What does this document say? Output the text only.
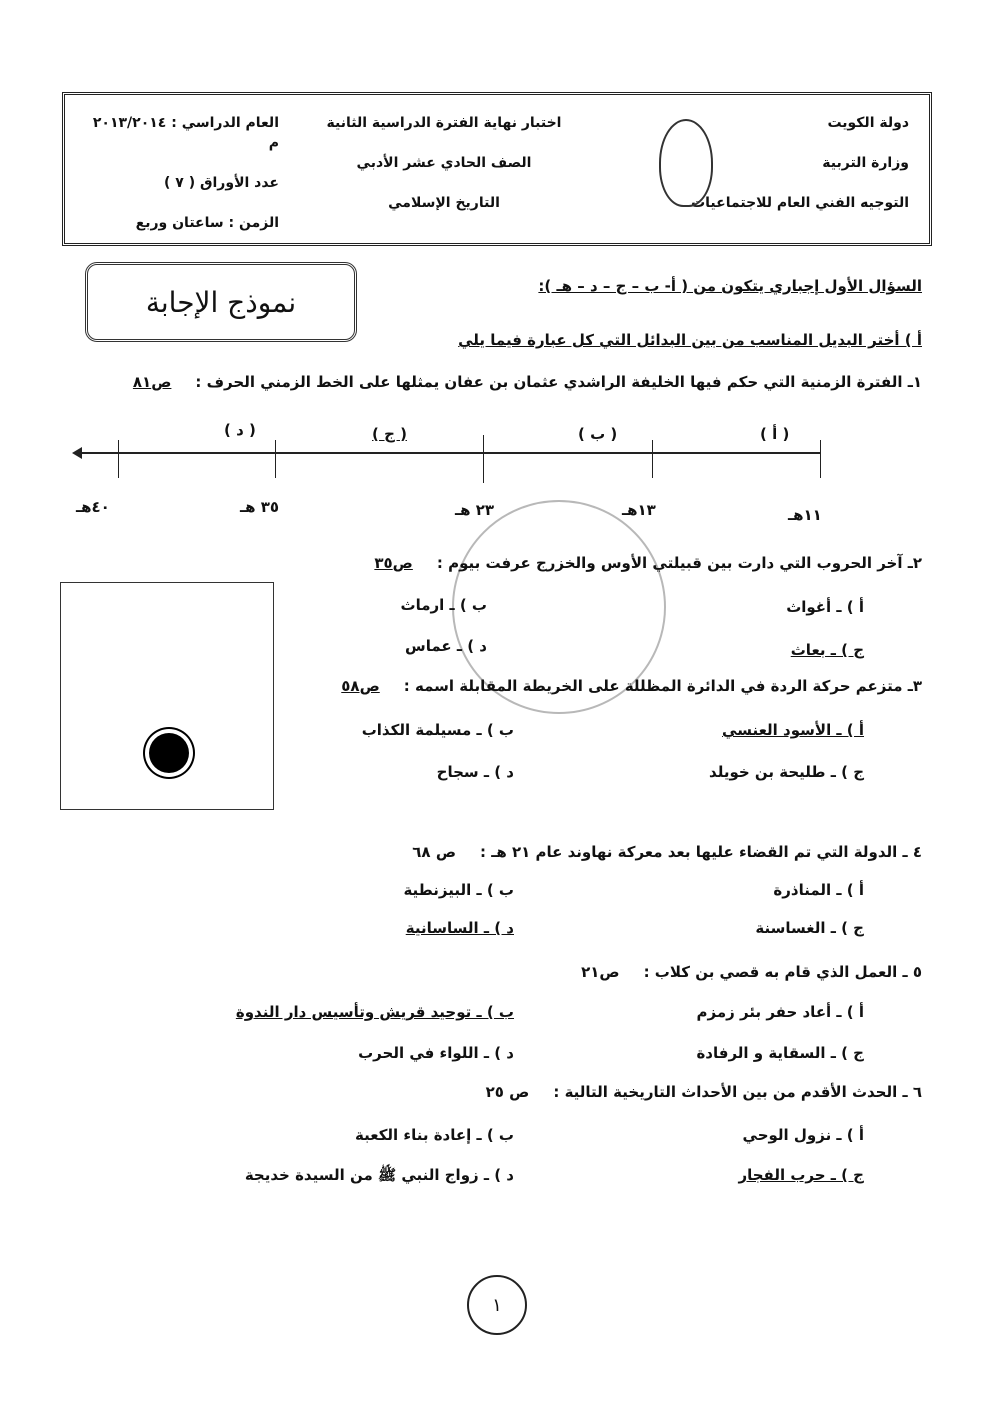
دولة الكويت
وزارة التربية
التوجيه الفني العام للاجتماعيات
اختبار نهاية الفترة الدراسية الثانية
الصف الحادي عشر الأدبي
التاريخ الإسلامي
العام الدراسي : ٢٠١٣/٢٠١٤ م
عدد الأوراق ( ٧ )
الزمن : ساعتان وربع
نموذج الإجابة	السؤال الأول إجباري يتكون من ( أ- ب – ج – د – هـ ):
أ ) أختر البديل المناسب من بين البدائل التي كل عبارة فيما يلي
١ـ الفترة الزمنية التي حكم فيها الخليفة الراشدي عثمان بن عفان يمثلها على الخط الزمني الحرف :
ص٨١
( أ )
( ب )
( ج )
( د )
١١هـ
١٣هـ
٢٣ هـ
٣٥ هـ
٤٠هـ
٢ـ آخر الحروب التي دارت بين قبيلتي الأوس والخزرج عرفت بيوم :
ص٣٥
أ ) ـ أغواث
ب ) ـ ارماث
ج ) ـ بعاث
د ) ـ عماس
٣ـ متزعم حركة الردة في الدائرة المظللة على الخريطة المقابلة اسمه :
ص٥٨
أ ) ـ الأسود العنسي
ب ) ـ مسيلمة الكذاب
ج ) ـ طليحة بن خويلد
د ) ـ سجاح
٤ ـ الدولة التي تم القضاء عليها بعد معركة نهاوند عام ٢١ هـ :
ص ٦٨
أ ) ـ المناذرة
ب ) ـ البيزنطية
ج ) ـ الغساسنة
د ) ـ الساسانية
٥ ـ العمل الذي قام به قصي بن كلاب :
ص٢١
أ ) ـ أعاد حفر بئر زمزم
ب ) ـ توحيد قريش وتأسيس دار الندوة
ج ) ـ السقاية و الرفادة
د ) ـ اللواء في الحرب
٦ ـ الحدث الأقدم من بين الأحداث التاريخية التالية :
ص ٢٥
أ ) ـ نزول الوحي
ب ) ـ إعادة بناء الكعبة
ج ) ـ حرب الفجار
د ) ـ زواج النبي ﷺ من السيدة خديجة
١
